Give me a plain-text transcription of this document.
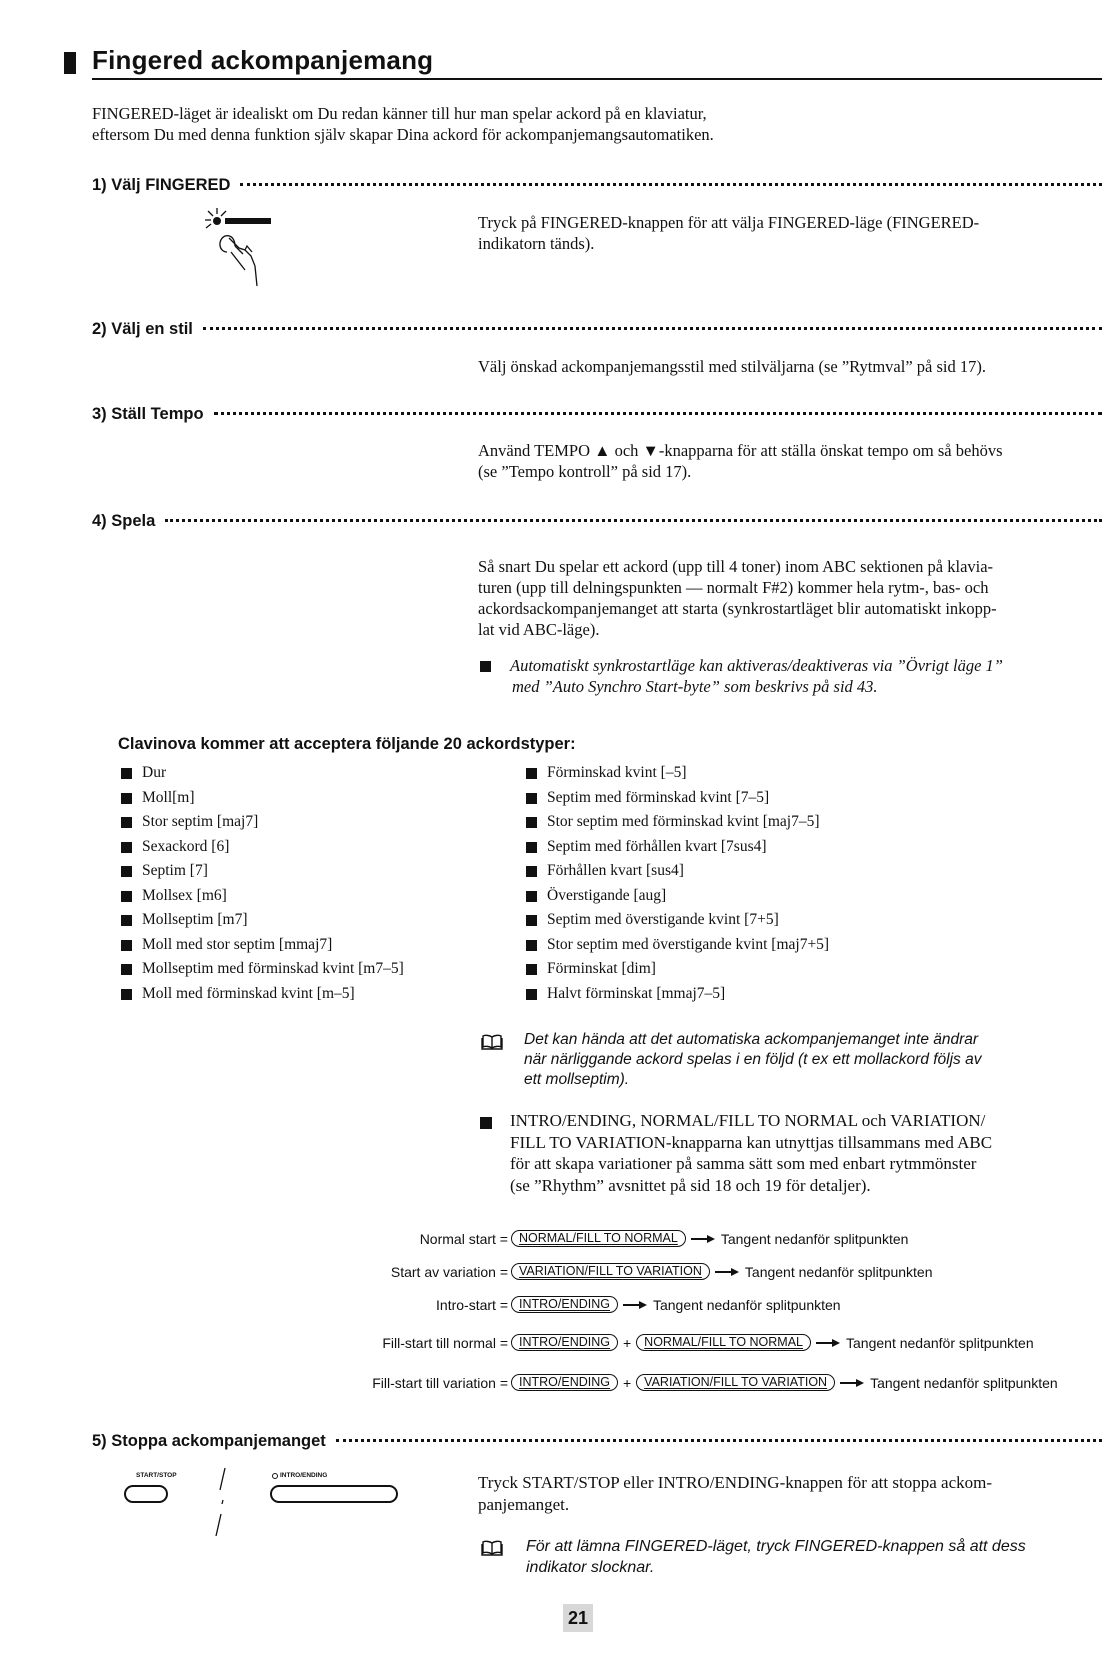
Fingered ackompanjemang
FINGERED-läget är idealiskt om Du redan känner till hur man spelar ackord på en klaviatur,
eftersom Du med denna funktion själv skapar Dina ackord för ackompanjemangsautomatiken.
1) Välj FINGERED
Tryck på FINGERED-knappen för att välja FINGERED-läge (FINGERED-
indikatorn tänds).
2) Välj en stil
Välj önskad ackompanjemangsstil med stilväljarna (se ”Rytmval” på sid 17).
3) Ställ Tempo
Använd TEMPO ▲ och ▼-knapparna för att ställa önskat tempo om så behövs
(se ”Tempo kontroll” på sid 17).
4) Spela
Så snart Du spelar ett ackord (upp till 4 toner) inom ABC sektionen på klavia-
turen (upp till delningspunkten — normalt F#2) kommer hela rytm-, bas- och
ackordsackompanjemanget att starta (synkrostartläget blir automatiskt inkopp-
lat vid ABC-läge).
Automatiskt synkrostartläge kan aktiveras/deaktiveras via ”Övrigt läge 1”
med ”Auto Synchro Start-byte” som beskrivs på sid 43.
Clavinova kommer att acceptera följande 20 ackordstyper:
Dur
Moll[m]
Stor septim [maj7]
Sexackord [6]
Septim [7]
Mollsex [m6]
Mollseptim [m7]
Moll med stor septim [mmaj7]
Mollseptim med förminskad kvint [m7–5]
Moll med förminskad kvint [m–5]
Förminskad kvint [–5]
Septim med förminskad kvint [7–5]
Stor septim med förminskad kvint [maj7–5]
Septim med förhållen kvart [7sus4]
Förhållen kvart [sus4]
Överstigande [aug]
Septim med överstigande kvint [7+5]
Stor septim med överstigande kvint [maj7+5]
Förminskat [dim]
Halvt förminskat [mmaj7–5]
Det kan hända att det automatiska ackompanjemanget inte ändrar
när närliggande ackord spelas i en följd (t ex ett mollackord följs av
ett mollseptim).
INTRO/ENDING, NORMAL/FILL TO NORMAL och VARIATION/
FILL TO VARIATION-knapparna kan utnyttjas tillsammans med ABC
för att skapa variationer på samma sätt som med enbart rytmmönster
(se ”Rhythm” avsnittet på sid 18 och 19 för detaljer).
Normal start = NORMAL/FILL TO NORMAL	Tangent nedanför splitpunkten
Start av variation = VARIATION/FILL TO VARIATION	Tangent nedanför splitpunkten
Intro-start = INTRO/ENDING	Tangent nedanför splitpunkten
Fill-start till normal = INTRO/ENDING +	NORMAL/FILL TO NORMAL	Tangent nedanför splitpunkten
Fill-start till variation = INTRO/ENDING +	VARIATION/FILL TO VARIATION	Tangent nedanför splitpunkten
5) Stoppa ackompanjemanget
START/STOP	INTRO/ENDING	Tryck START/STOP eller INTRO/ENDING-knappen för att stoppa ackom-
panjemanget.
För att lämna FINGERED-läget, tryck FINGERED-knappen så att dess
indikator slocknar.
21
